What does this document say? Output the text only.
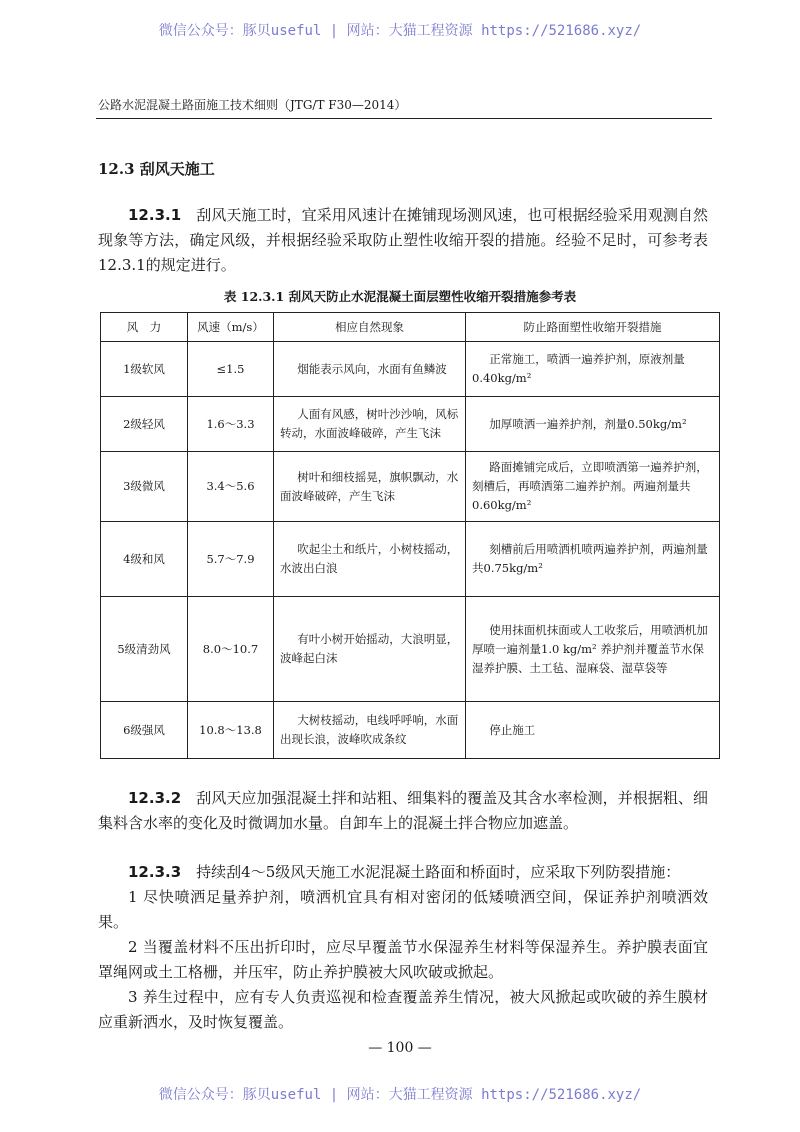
微信公众号：豚贝useful | 网站：大猫工程资源 https://521686.xyz/
公路水泥混凝土路面施工技术细则（JTG/T F30—2014）
12.3 刮风天施工

12.3.1　 刮风天施工时，宜采用风速计在摊铺现场测风速，也可根据经验采用观测自然现象等方法，确定风级，并根据经验采取防止塑性收缩开裂的措施。经验不足时，可参考表12.3.1的规定进行。

表 12.3.1 刮风天防止水泥混凝土面层塑性收缩开裂措施参考表
风　力	风速（m/s）	相应自然现象	防止路面塑性收缩开裂措施
1级软风	≤1.5	烟能表示风向，水面有鱼鳞波	正常施工，喷洒一遍养护剂，原液剂量0.40kg/m²
2级轻风	1.6～3.3	人面有风感，树叶沙沙响，风标转动，水面波峰破碎，产生飞沫	加厚喷洒一遍养护剂，剂量0.50kg/m²
3级微风	3.4～5.6	树叶和细枝摇晃，旗帜飘动，水面波峰破碎，产生飞沫	路面摊铺完成后，立即喷洒第一遍养护剂，刻槽后，再喷洒第二遍养护剂。两遍剂量共0.60kg/m²
4级和风	5.7～7.9	吹起尘土和纸片，小树枝摇动，水波出白浪	刻槽前后用喷洒机喷两遍养护剂，两遍剂量共0.75kg/m²
5级清劲风	8.0～10.7	有叶小树开始摇动，大浪明显，波峰起白沫	使用抹面机抹面或人工收浆后，用喷洒机加厚喷一遍剂量1.0 kg/m² 养护剂并覆盖节水保湿养护膜、土工毡、湿麻袋、湿草袋等
6级强风	10.8～13.8	大树枝摇动，电线呼呼响，水面出现长浪，波峰吹成条纹	停止施工

12.3.2　 刮风天应加强混凝土拌和站粗、细集料的覆盖及其含水率检测，并根据粗、细集料含水率的变化及时微调加水量。自卸车上的混凝土拌合物应加遮盖。

12.3.3　 持续刮4～5级风天施工水泥混凝土路面和桥面时，应采取下列防裂措施：

1 尽快喷洒足量养护剂，喷洒机宜具有相对密闭的低矮喷洒空间，保证养护剂喷洒效果。

2 当覆盖材料不压出折印时，应尽早覆盖节水保湿养生材料等保湿养生。养护膜表面宜罩绳网或土工格栅，并压牢，防止养护膜被大风吹破或掀起。

3 养生过程中，应有专人负责巡视和检查覆盖养生情况，被大风掀起或吹破的养生膜材应重新洒水，及时恢复覆盖。

— 100 —
微信公众号：豚贝useful | 网站：大猫工程资源 https://521686.xyz/
